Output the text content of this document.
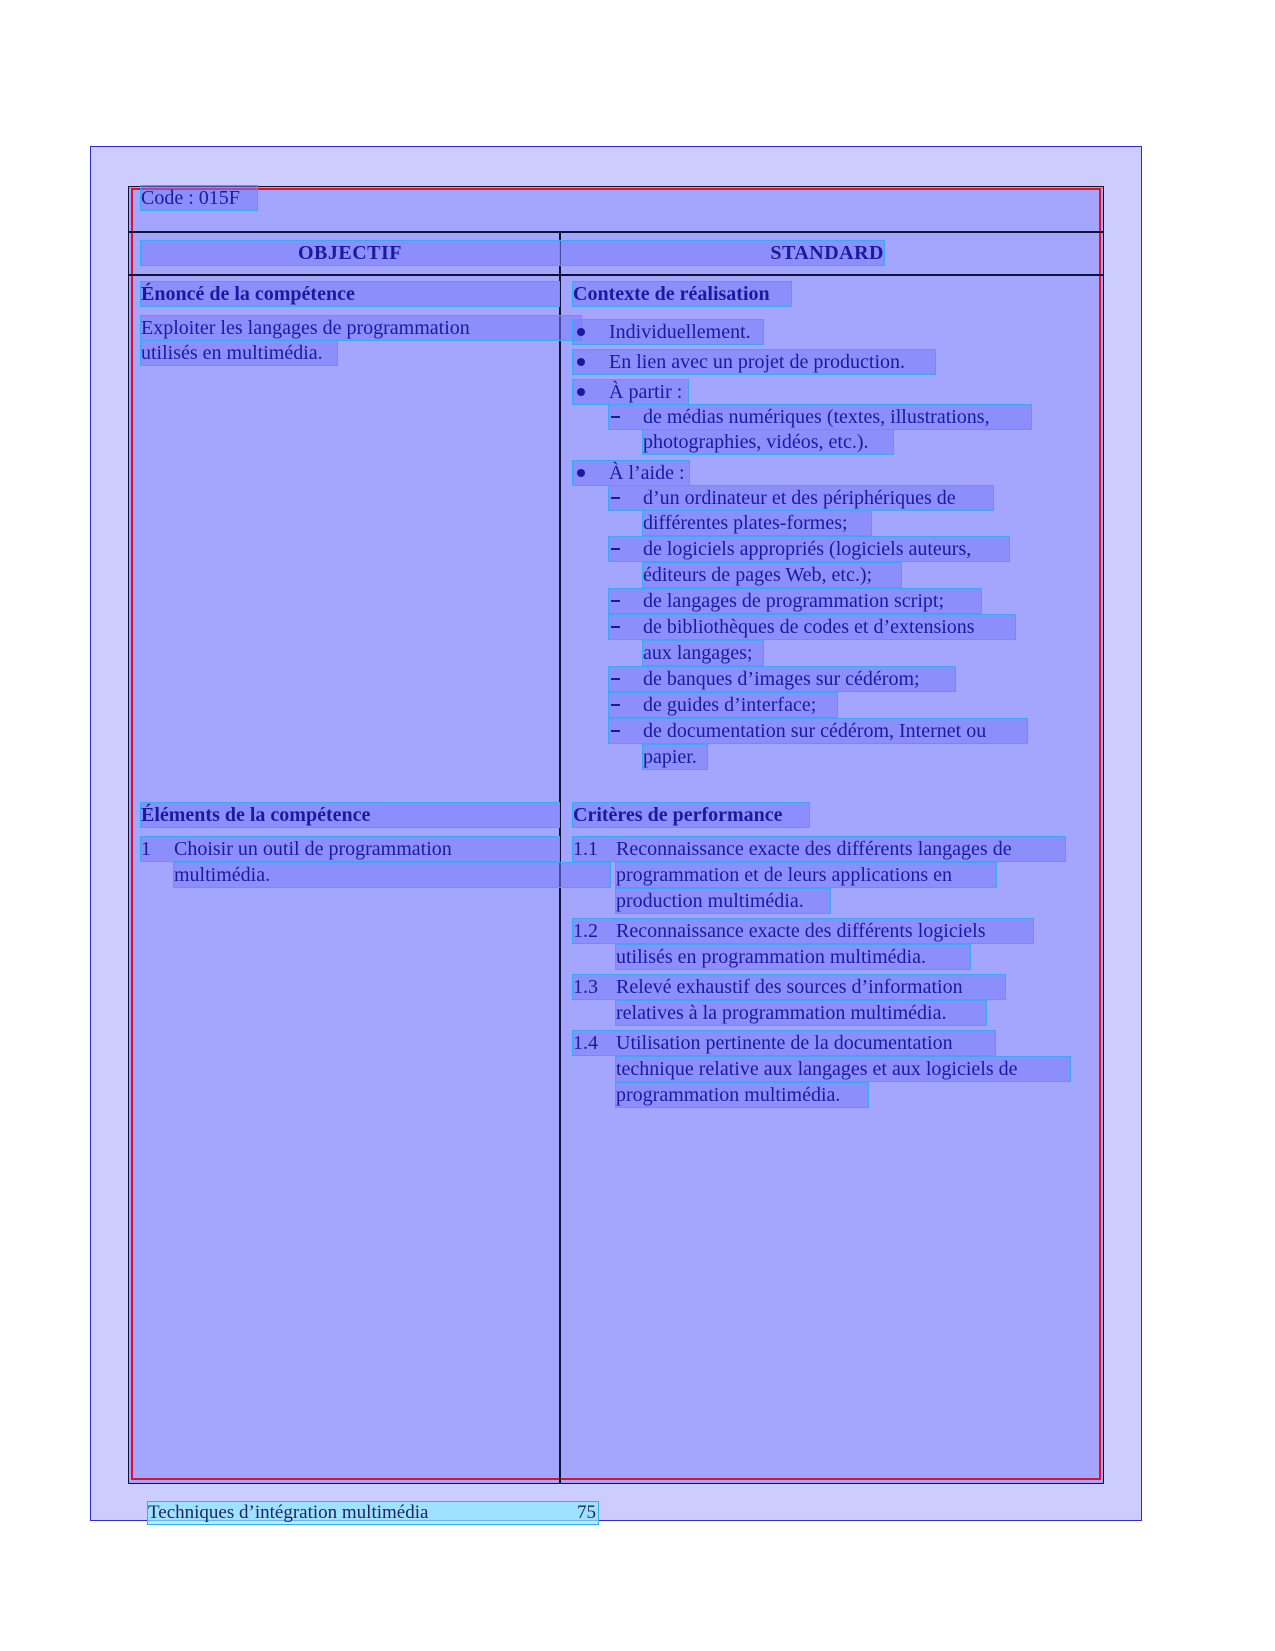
Code : 015F
OBJECTIF	STANDARD
Énoncé de la compétence
Exploiter les langages de programmation
utilisés en multimédia.
Éléments de la compétence
1 Choisir un outil de programmation
multimédia.
Contexte de réalisation
Individuellement.
En lien avec un projet de production.
À partir :
de médias numériques (textes, illustrations,
photographies, vidéos, etc.).
À l’aide :
d’un ordinateur et des périphériques de
différentes plates-formes;
de logiciels appropriés (logiciels auteurs,
éditeurs de pages Web, etc.);
de langages de programmation script;
de bibliothèques de codes et d’extensions
aux langages;
de banques d’images sur cédérom;
de guides d’interface;
de documentation sur cédérom, Internet ou
papier.
Critères de performance
1.1 Reconnaissance exacte des différents langages de
programmation et de leurs applications en
production multimédia.
1.2 Reconnaissance exacte des différents logiciels
utilisés en programmation multimédia.
1.3 Relevé exhaustif des sources d’information
relatives à la programmation multimédia.
1.4 Utilisation pertinente de la documentation
technique relative aux langages et aux logiciels de
programmation multimédia.
Techniques d’intégration multimédia	75
